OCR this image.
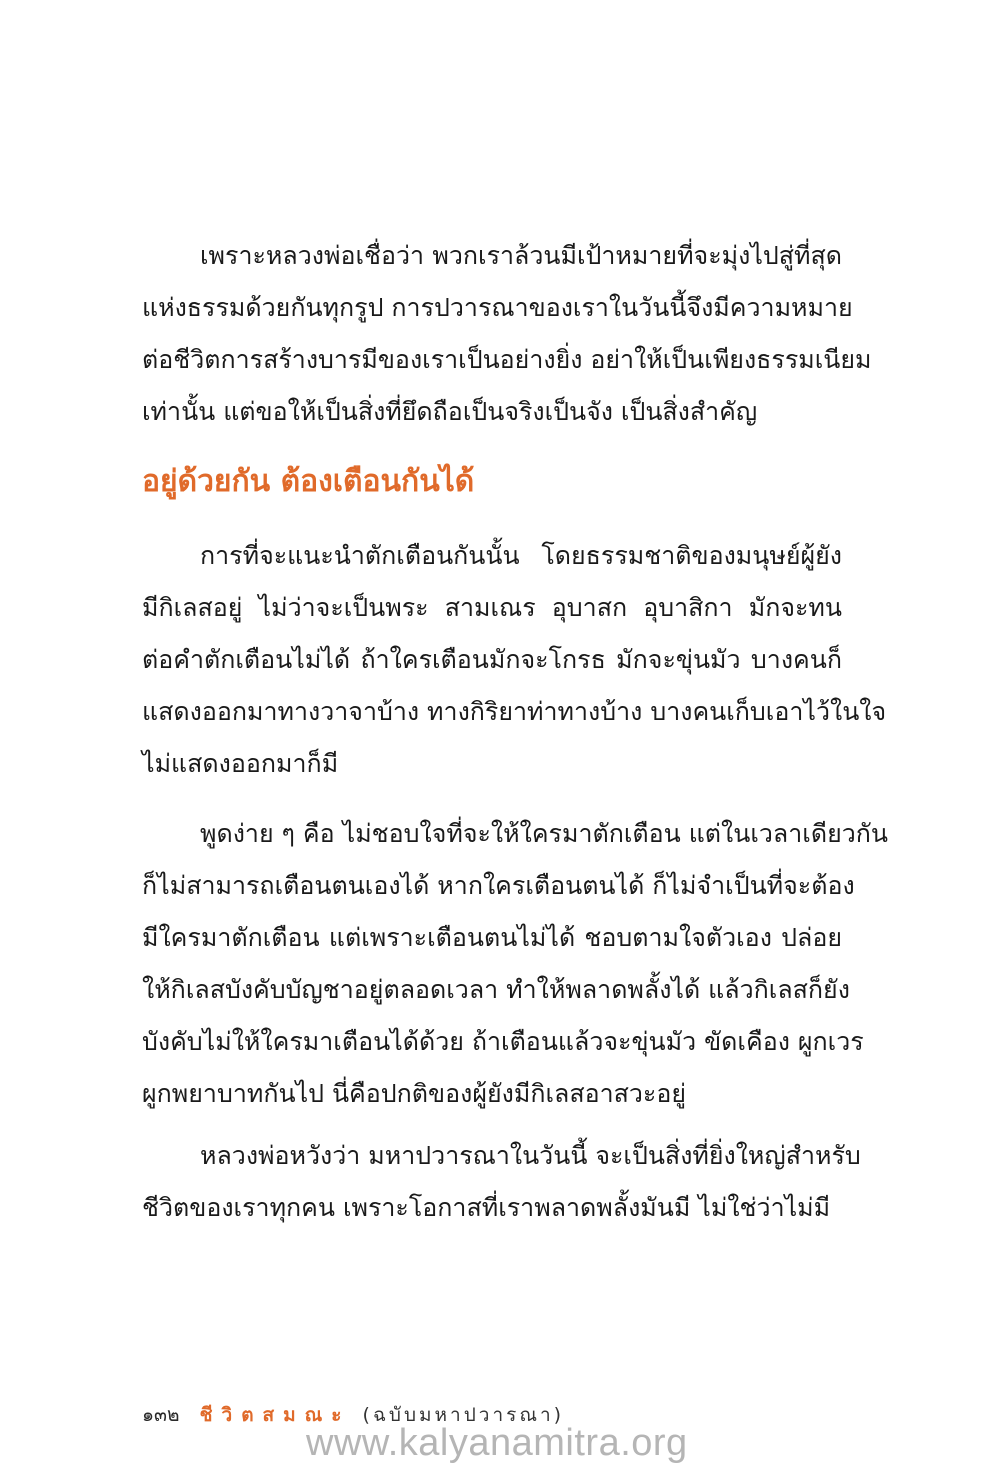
เพราะหลวงพ่อเชื่อว่า พวกเราล้วนมีเป้าหมายที่จะมุ่งไปสู่ที่สุด
แห่งธรรมด้วยกันทุกรูป การปวารณาของเราในวันนี้จึงมีความหมาย
ต่อชีวิตการสร้างบารมีของเราเป็นอย่างยิ่ง อย่าให้เป็นเพียงธรรมเนียม
เท่านั้น แต่ขอให้เป็นสิ่งที่ยึดถือเป็นจริงเป็นจัง เป็นสิ่งสำคัญ
อยู่ด้วยกัน ต้องเตือนกันได้
การที่จะแนะนำตักเตือนกันนั้น โดยธรรมชาติของมนุษย์ผู้ยัง
มีกิเลสอยู่ ไม่ว่าจะเป็นพระ สามเณร อุบาสก อุบาสิกา มักจะทน
ต่อคำตักเตือนไม่ได้ ถ้าใครเตือนมักจะโกรธ มักจะขุ่นมัว บางคนก็
แสดงออกมาทางวาจาบ้าง ทางกิริยาท่าทางบ้าง บางคนเก็บเอาไว้ในใจ
ไม่แสดงออกมาก็มี
พูดง่าย ๆ คือ ไม่ชอบใจที่จะให้ใครมาตักเตือน แต่ในเวลาเดียวกัน
ก็ไม่สามารถเตือนตนเองได้ หากใครเตือนตนได้ ก็ไม่จำเป็นที่จะต้อง
มีใครมาตักเตือน แต่เพราะเตือนตนไม่ได้ ชอบตามใจตัวเอง ปล่อย
ให้กิเลสบังคับบัญชาอยู่ตลอดเวลา ทำให้พลาดพลั้งได้ แล้วกิเลสก็ยัง
บังคับไม่ให้ใครมาเตือนได้ด้วย ถ้าเตือนแล้วจะขุ่นมัว ขัดเคือง ผูกเวร
ผูกพยาบาทกันไป นี่คือปกติของผู้ยังมีกิเลสอาสวะอยู่
หลวงพ่อหวังว่า มหาปวารณาในวันนี้ จะเป็นสิ่งที่ยิ่งใหญ่สำหรับ
ชีวิตของเราทุกคน เพราะโอกาสที่เราพลาดพลั้งมันมี ไม่ใช่ว่าไม่มี
๑๓๒ ชีวิตสมณะ (ฉบับมหาปวารณา)
www.kalyanamitra.org
